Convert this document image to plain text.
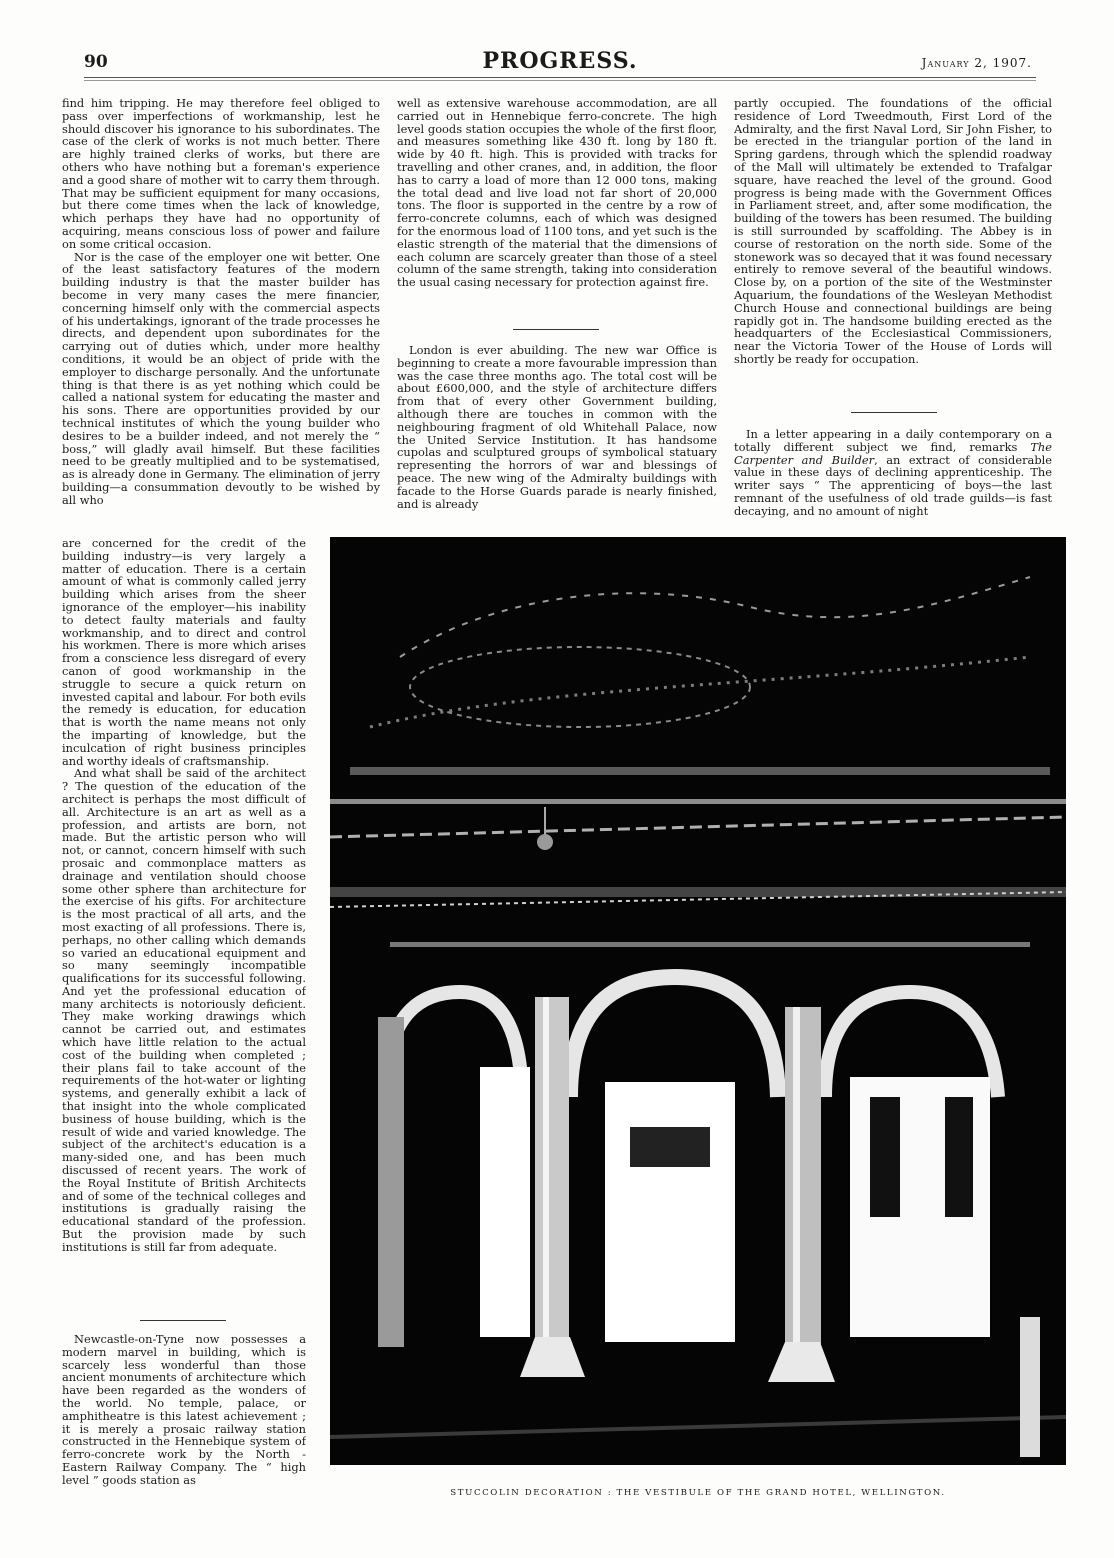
90	PROGRESS.	January 2, 1907.

find him tripping. He may therefore feel obliged to pass over imperfections of workmanship, lest he should discover his ignorance to his subordinates. The case of the clerk of works is not much better. There are highly trained clerks of works, but there are others who have nothing but a foreman's experience and a good share of mother wit to carry them through. That may be sufficient equipment for many occasions, but there come times when the lack of knowledge, which perhaps they have had no opportunity of acquiring, means conscious loss of power and failure on some critical occasion.

Nor is the case of the employer one wit better. One of the least satisfactory features of the modern building industry is that the master builder has become in very many cases the mere financier, concerning himself only with the commercial aspects of his undertakings, ignorant of the trade processes he directs, and dependent upon subordinates for the carrying out of duties which, under more healthy conditions, it would be an object of pride with the employer to discharge personally. And the unfortunate thing is that there is as yet nothing which could be called a national system for educating the master and his sons. There are opportunities provided by our technical institutes of which the young builder who desires to be a builder indeed, and not merely the “ boss,” will gladly avail himself. But these facilities need to be greatly multiplied and to be systematised, as is already done in Germany. The elimination of jerry building—a consummation devoutly to be wished by all who

are concerned for the credit of the building industry—is very largely a matter of education. There is a certain amount of what is commonly called jerry building which arises from the sheer ignorance of the employer—his inability to detect faulty materials and faulty workmanship, and to direct and control his workmen. There is more which arises from a conscience less disregard of every canon of good workmanship in the struggle to secure a quick return on invested capital and labour. For both evils the remedy is education, for education that is worth the name means not only the imparting of knowledge, but the inculcation of right business principles and worthy ideals of craftsmanship.

And what shall be said of the architect ? The question of the education of the architect is perhaps the most difficult of all. Architecture is an art as well as a profession, and artists are born, not made. But the artistic person who will not, or cannot, concern himself with such prosaic and commonplace matters as drainage and ventilation should choose some other sphere than architecture for the exercise of his gifts. For architecture is the most practical of all arts, and the most exacting of all professions. There is, perhaps, no other calling which demands so varied an educational equipment and so many seemingly incompatible qualifications for its successful following. And yet the professional education of many architects is notoriously deficient. They make working drawings which cannot be carried out, and estimates which have little relation to the actual cost of the building when completed ; their plans fail to take account of the requirements of the hot-water or lighting systems, and generally exhibit a lack of that insight into the whole complicated business of house building, which is the result of wide and varied knowledge. The subject of the architect's education is a many-sided one, and has been much discussed of recent years. The work of the Royal Institute of British Architects and of some of the technical colleges and institutions is gradually raising the educational standard of the profession. But the provision made by such institutions is still far from adequate.

Newcastle-on-Tyne now possesses a modern marvel in building, which is scarcely less wonderful than those ancient monuments of architecture which have been regarded as the wonders of the world. No temple, palace, or amphitheatre is this latest achievement ; it is merely a prosaic railway station constructed in the Hennebique system of ferro-concrete work by the North - Eastern Railway Company. The “ high level ” goods station as

well as extensive warehouse accommodation, are all carried out in Hennebique ferro-concrete. The high level goods station occupies the whole of the first floor, and measures something like 430 ft. long by 180 ft. wide by 40 ft. high. This is provided with tracks for travelling and other cranes, and, in addition, the floor has to carry a load of more than 12 000 tons, making the total dead and live load not far short of 20,000 tons. The floor is supported in the centre by a row of ferro-concrete columns, each of which was designed for the enormous load of 1100 tons, and yet such is the elastic strength of the material that the dimensions of each column are scarcely greater than those of a steel column of the same strength, taking into consideration the usual casing necessary for protection against fire.

London is ever abuilding. The new war Office is beginning to create a more favourable impression than was the case three months ago. The total cost will be about £600,000, and the style of architecture differs from that of every other Government building, although there are touches in common with the neighbouring fragment of old Whitehall Palace, now the United Service Institution. It has handsome cupolas and sculptured groups of symbolical statuary representing the horrors of war and blessings of peace. The new wing of the Admiralty buildings with facade to the Horse Guards parade is nearly finished, and is already

partly occupied. The foundations of the official residence of Lord Tweedmouth, First Lord of the Admiralty, and the first Naval Lord, Sir John Fisher, to be erected in the triangular portion of the land in Spring gardens, through which the splendid roadway of the Mall will ultimately be extended to Trafalgar square, have reached the level of the ground. Good progress is being made with the Government Offices in Parliament street, and, after some modification, the building of the towers has been resumed. The building is still surrounded by scaffolding. The Abbey is in course of restoration on the north side. Some of the stonework was so decayed that it was found necessary entirely to remove several of the beautiful windows. Close by, on a portion of the site of the Westminster Aquarium, the foundations of the Wesleyan Methodist Church House and connectional buildings are being rapidly got in. The handsome building erected as the headquarters of the Ecclesiastical Commissioners, near the Victoria Tower of the House of Lords will shortly be ready for occupation.

In a letter appearing in a daily contemporary on a totally different subject we find, remarks The Carpenter and Builder, an extract of considerable value in these days of declining apprenticeship. The writer says “ The apprenticing of boys—the last remnant of the usefulness of old trade guilds—is fast decaying, and no amount of night

STUCCOLIN DECORATION : THE VESTIBULE OF THE GRAND HOTEL, WELLINGTON.
